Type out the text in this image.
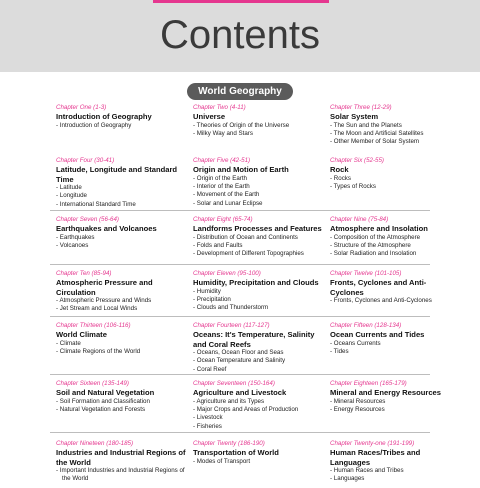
Contents
World Geography
Chapter One (1-3)
Introduction of Geography
- Introduction of Geography
Chapter Two (4-11)
Universe
- Theories of Origin of the Universe
- Milky Way and Stars
Chapter Three (12-29)
Solar System
- The Sun and the Planets
- The Moon and Artificial Satellites
- Other Member of Solar System
Chapter Four (30-41)
Latitude, Longitude and Standard Time
- Latitude
- Longitude
- International Standard Time
Chapter Five (42-51)
Origin and Motion of Earth
- Origin of the Earth
- Interior of the Earth
- Movement of the Earth
- Solar and Lunar Eclipse
Chapter Six (52-55)
Rock
- Rocks
- Types of Rocks
Chapter Seven (56-64)
Earthquakes and Volcanoes
- Earthquakes
- Volcanoes
Chapter Eight (65-74)
Landforms Processes and Features
- Distribution of Ocean and Continents
- Folds and Faults
- Development of Different Topographies
Chapter Nine (75-84)
Atmosphere and Insolation
- Composition of the Atmosphere
- Structure of the Atmosphere
- Solar Radiation and Insolation
Chapter Ten (85-94)
Atmospheric Pressure and Circulation
- Atmospheric Pressure and Winds
- Jet Stream and Local Winds
Chapter Eleven (95-100)
Humidity, Precipitation and Clouds
- Humidity
- Precipitation
- Clouds and Thunderstorm
Chapter Twelve (101-105)
Fronts, Cyclones and Anti-Cyclones
- Fronts, Cyclones and Anti-Cyclones
Chapter Thirteen (106-116)
World Climate
- Climate
- Climate Regions of the World
Chapter Fourteen (117-127)
Oceans: It's Temperature, Salinity and Coral Reefs
- Oceans, Ocean Floor and Seas
- Ocean Temperature and Salinity
- Coral Reef
Chapter Fifteen (128-134)
Ocean Currents and Tides
- Oceans Currents
- Tides
Chapter Sixteen (135-149)
Soil and Natural Vegetation
- Soil Formation and Classification
- Natural Vegetation and Forests
Chapter Seventeen (150-164)
Agriculture and Livestock
- Agriculture and its Types
- Major Crops and Areas of Production
- Livestock
- Fisheries
Chapter Eighteen (165-179)
Mineral and Energy Resources
- Mineral Resources
- Energy Resources
Chapter Nineteen (180-185)
Industries and Industrial Regions of the World
- Important Industries and Industrial Regions of the World
Chapter Twenty (186-190)
Transportation of World
- Modes of Transport
Chapter Twenty-one (191-199)
Human Races/Tribes and Languages
- Human Races and Tribes
- Languages
